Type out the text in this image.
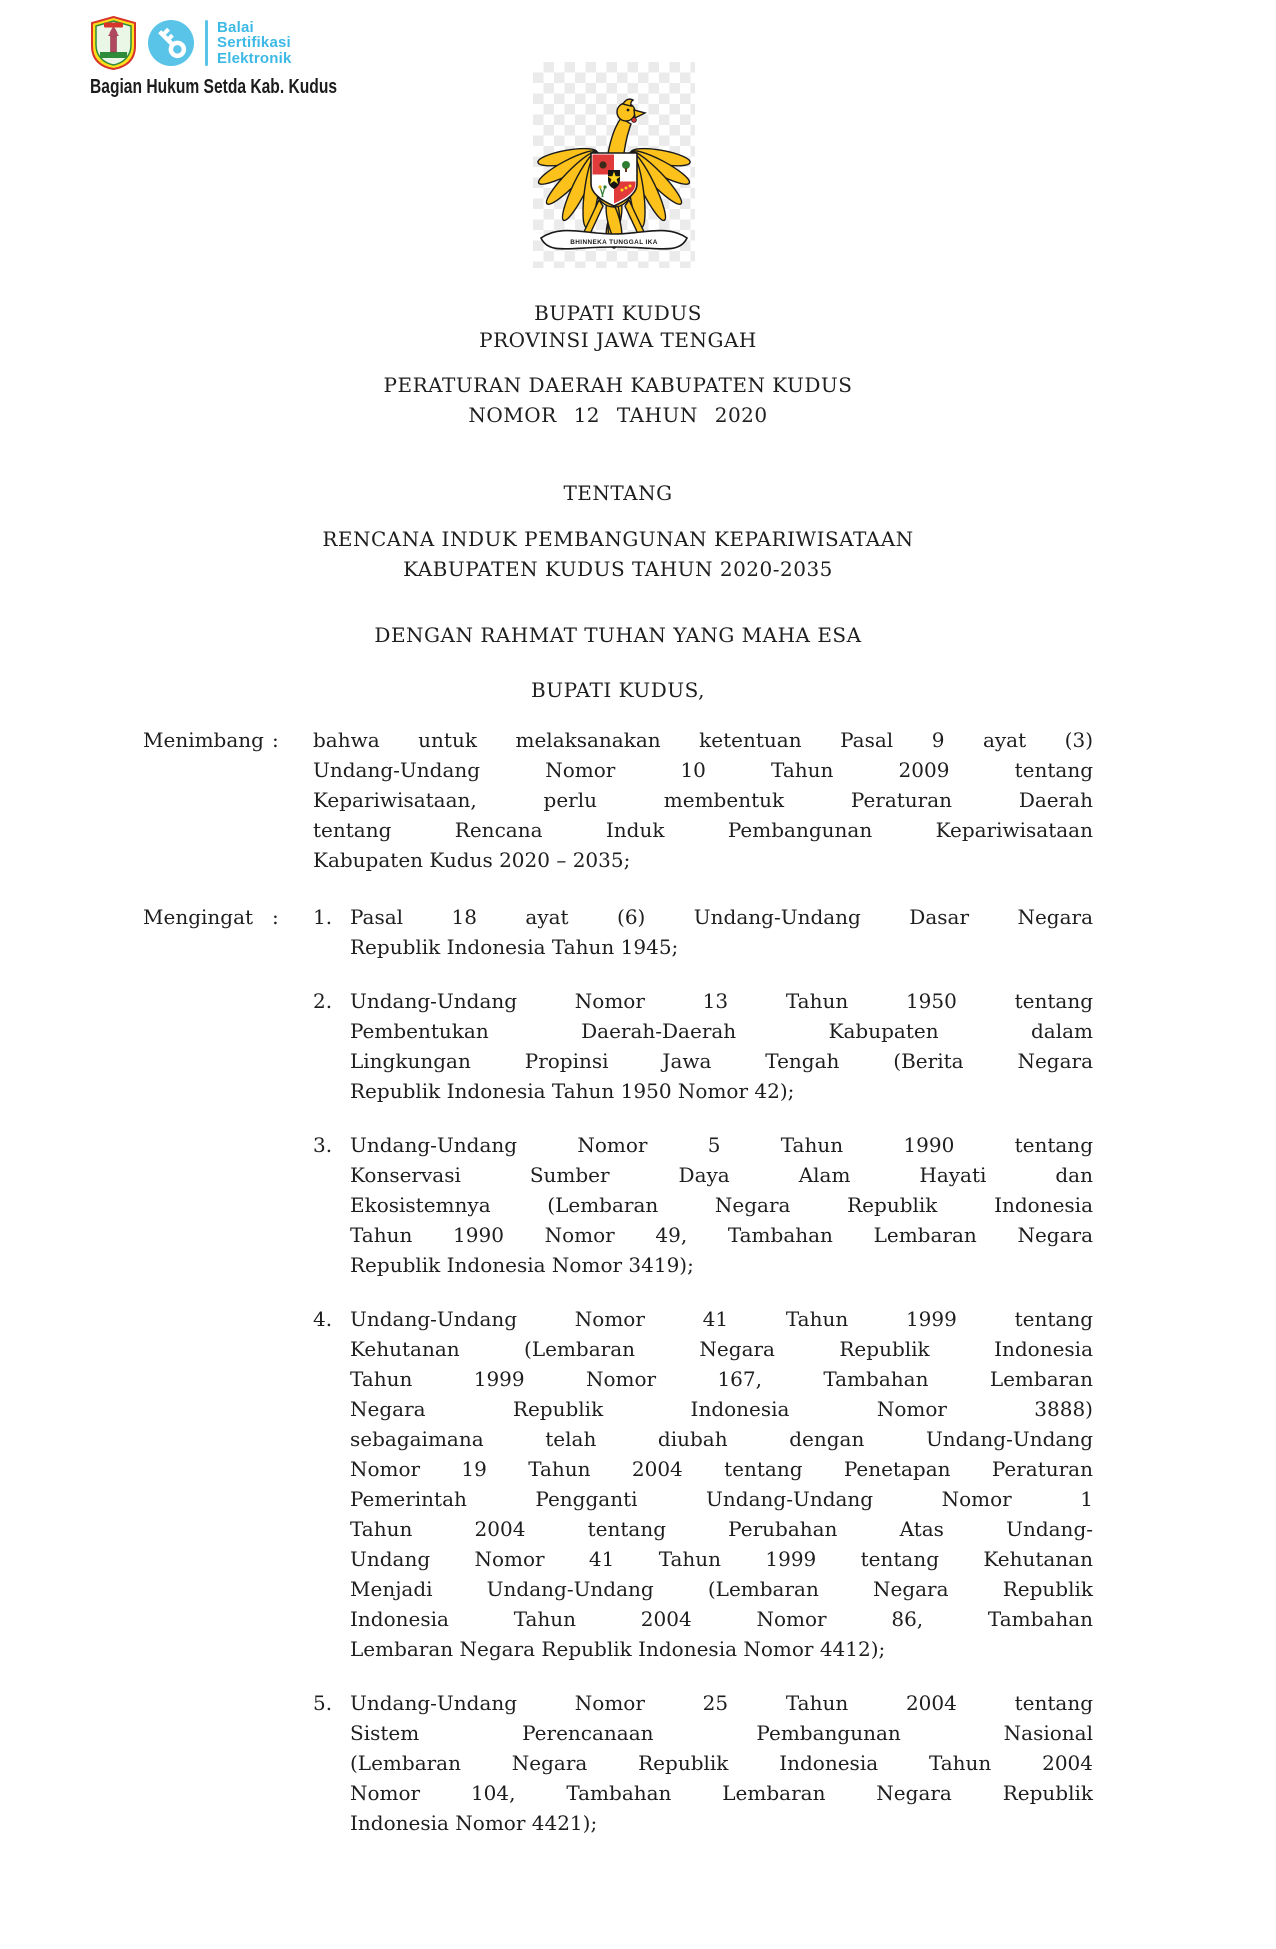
Balai
Sertifikasi
Elektronik
Bagian Hukum Setda Kab. Kudus
BHINNEKA TUNGGAL IKA
BUPATI KUDUS
PROVINSI JAWA TENGAH
PERATURAN DAERAH KABUPATEN KUDUS
NOMOR 12 TAHUN 2020
TENTANG
RENCANA INDUK PEMBANGUNAN KEPARIWISATAAN
KABUPATEN KUDUS TAHUN 2020-2035
DENGAN RAHMAT TUHAN YANG MAHA ESA
BUPATI KUDUS,
Menimbang :	bahwa untuk melaksanakan ketentuan Pasal 9 ayat (3)
Undang-Undang Nomor 10 Tahun 2009 tentang
Kepariwisataan, perlu membentuk Peraturan Daerah
tentang Rencana Induk Pembangunan Kepariwisataan
Kabupaten Kudus 2020 – 2035;
Mengingat :	1. Pasal 18 ayat (6) Undang-Undang Dasar Negara
Republik Indonesia Tahun 1945;
2. Undang-Undang Nomor 13 Tahun 1950 tentang
Pembentukan Daerah-Daerah Kabupaten dalam
Lingkungan Propinsi Jawa Tengah (Berita Negara
Republik Indonesia Tahun 1950 Nomor 42);
3. Undang-Undang Nomor 5 Tahun 1990 tentang
Konservasi Sumber Daya Alam Hayati dan
Ekosistemnya (Lembaran Negara Republik Indonesia
Tahun 1990 Nomor 49, Tambahan Lembaran Negara
Republik Indonesia Nomor 3419);
4. Undang-Undang Nomor 41 Tahun 1999 tentang
Kehutanan (Lembaran Negara Republik Indonesia
Tahun 1999 Nomor 167, Tambahan Lembaran
Negara Republik Indonesia Nomor 3888)
sebagaimana telah diubah dengan Undang-Undang
Nomor 19 Tahun 2004 tentang Penetapan Peraturan
Pemerintah Pengganti Undang-Undang Nomor 1
Tahun 2004 tentang Perubahan Atas Undang-
Undang Nomor 41 Tahun 1999 tentang Kehutanan
Menjadi Undang-Undang (Lembaran Negara Republik
Indonesia Tahun 2004 Nomor 86, Tambahan
Lembaran Negara Republik Indonesia Nomor 4412);
5. Undang-Undang Nomor 25 Tahun 2004 tentang
Sistem Perencanaan Pembangunan Nasional
(Lembaran Negara Republik Indonesia Tahun 2004
Nomor 104, Tambahan Lembaran Negara Republik
Indonesia Nomor 4421);
